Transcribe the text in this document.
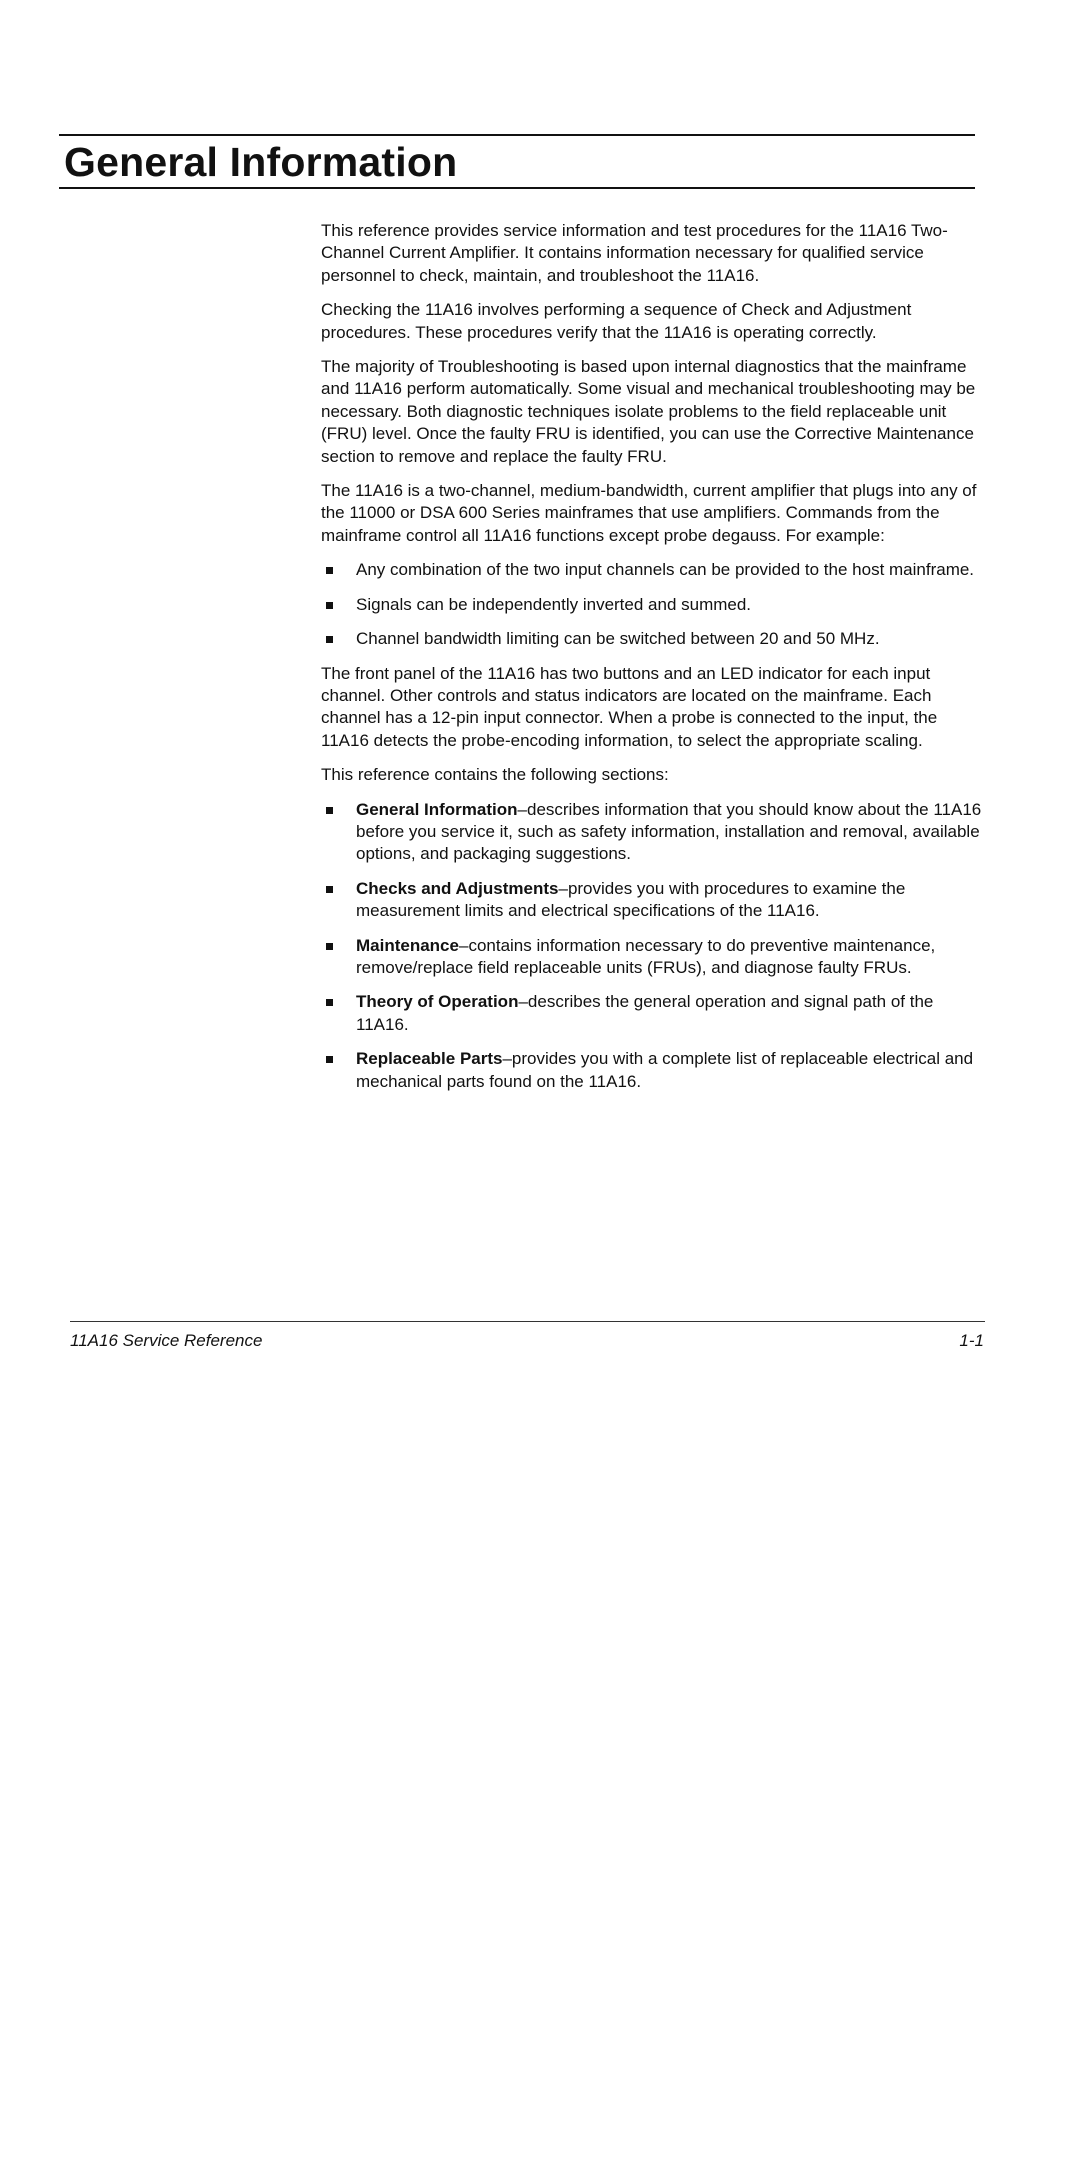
General Information

This reference provides service information and test procedures for the 11A16 Two-Channel Current Amplifier. It contains information necessary for qualified service personnel to check, maintain, and troubleshoot the 11A16.

Checking the 11A16 involves performing a sequence of Check and Adjustment procedures. These procedures verify that the 11A16 is operating correctly.

The majority of Troubleshooting is based upon internal diagnostics that the mainframe and 11A16 perform automatically. Some visual and mechanical troubleshooting may be necessary. Both diagnostic techniques isolate problems to the field replaceable unit (FRU) level. Once the faulty FRU is identified, you can use the Corrective Maintenance section to remove and replace the faulty FRU.

The 11A16 is a two-channel, medium-bandwidth, current amplifier that plugs into any of the 11000 or DSA 600 Series mainframes that use amplifiers. Commands from the mainframe control all 11A16 functions except probe degauss. For example:

Any combination of the two input channels can be provided to the host mainframe.
Signals can be independently inverted and summed.
Channel bandwidth limiting can be switched between 20 and 50 MHz.

The front panel of the 11A16 has two buttons and an LED indicator for each input channel. Other controls and status indicators are located on the mainframe. Each channel has a 12-pin input connector. When a probe is connected to the input, the 11A16 detects the probe-encoding information, to select the appropriate scaling.

This reference contains the following sections:

General Information–describes information that you should know about the 11A16 before you service it, such as safety information, installation and removal, available options, and packaging suggestions.
Checks and Adjustments–provides you with procedures to examine the measurement limits and electrical specifications of the 11A16.
Maintenance–contains information necessary to do preventive maintenance, remove/replace field replaceable units (FRUs), and diagnose faulty FRUs.
Theory of Operation–describes the general operation and signal path of the 11A16.
Replaceable Parts–provides you with a complete list of replaceable electrical and mechanical parts found on the 11A16.
11A16 Service Reference	1-1
